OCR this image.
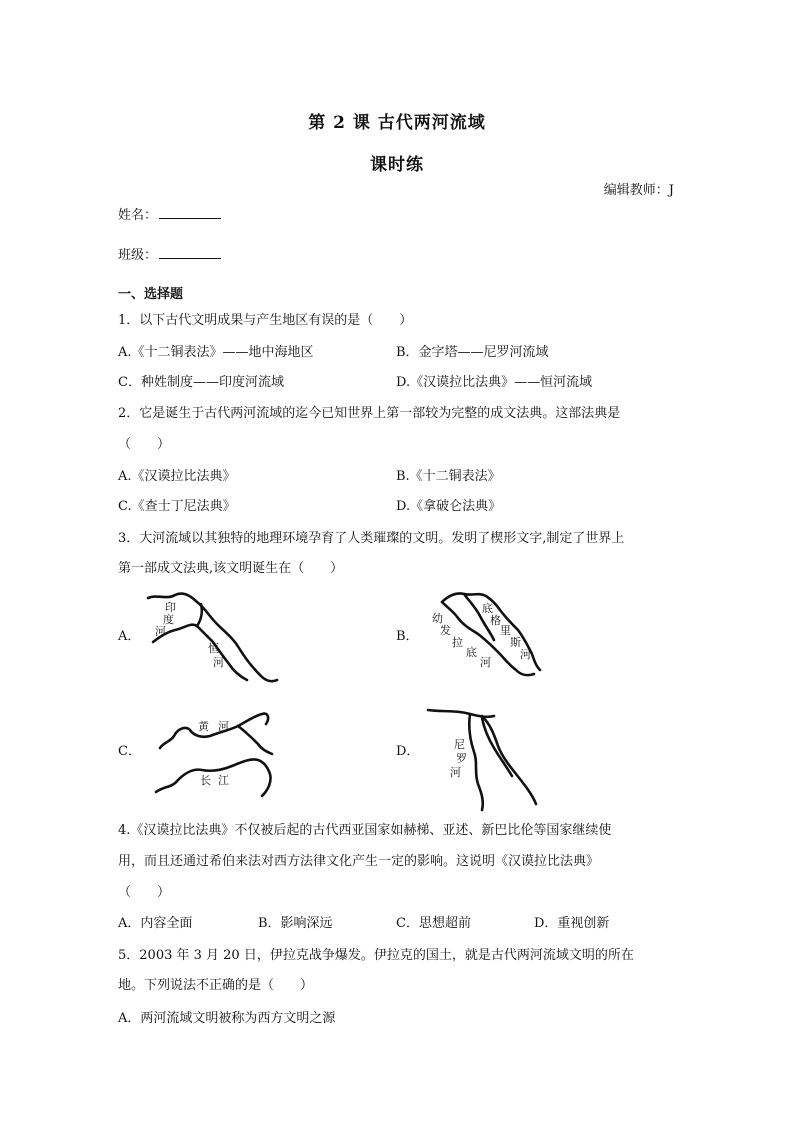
第 2 课 古代两河流域
课时练
编辑教师：J
姓名：
班级：
一、选择题
1．以下古代文明成果与产生地区有误的是（　　）
A.《十二铜表法》——地中海地区	B．金字塔——尼罗河流域
C．种姓制度——印度河流域	D.《汉谟拉比法典》——恒河流域
2．它是诞生于古代两河流域的迄今已知世界上第一部较为完整的成文法典。这部法典是
（　　）
A.《汉谟拉比法典》	B.《十二铜表法》
C.《查士丁尼法典》	D.《拿破仑法典》
3．大河流域以其独特的地理环境孕育了人类璀璨的文明。发明了楔形文字,制定了世界上
第一部成文法典,该文明诞生在（　　）
A．
印
度
河
恒
河
B．
幼
发
拉
底
河
底
格
里
斯
河
C．
黄 河
长 江
D．	尼
罗
河
4.《汉谟拉比法典》不仅被后起的古代西亚国家如赫梯、亚述、新巴比伦等国家继续使
用，而且还通过希伯来法对西方法律文化产生一定的影响。这说明《汉谟拉比法典》
（　　）
A．内容全面	B．影响深远	C．思想超前	D．重视创新
5．2003 年 3 月 20 日，伊拉克战争爆发。伊拉克的国土，就是古代两河流域文明的所在
地。下列说法不正确的是（　　）
A．两河流域文明被称为西方文明之源
